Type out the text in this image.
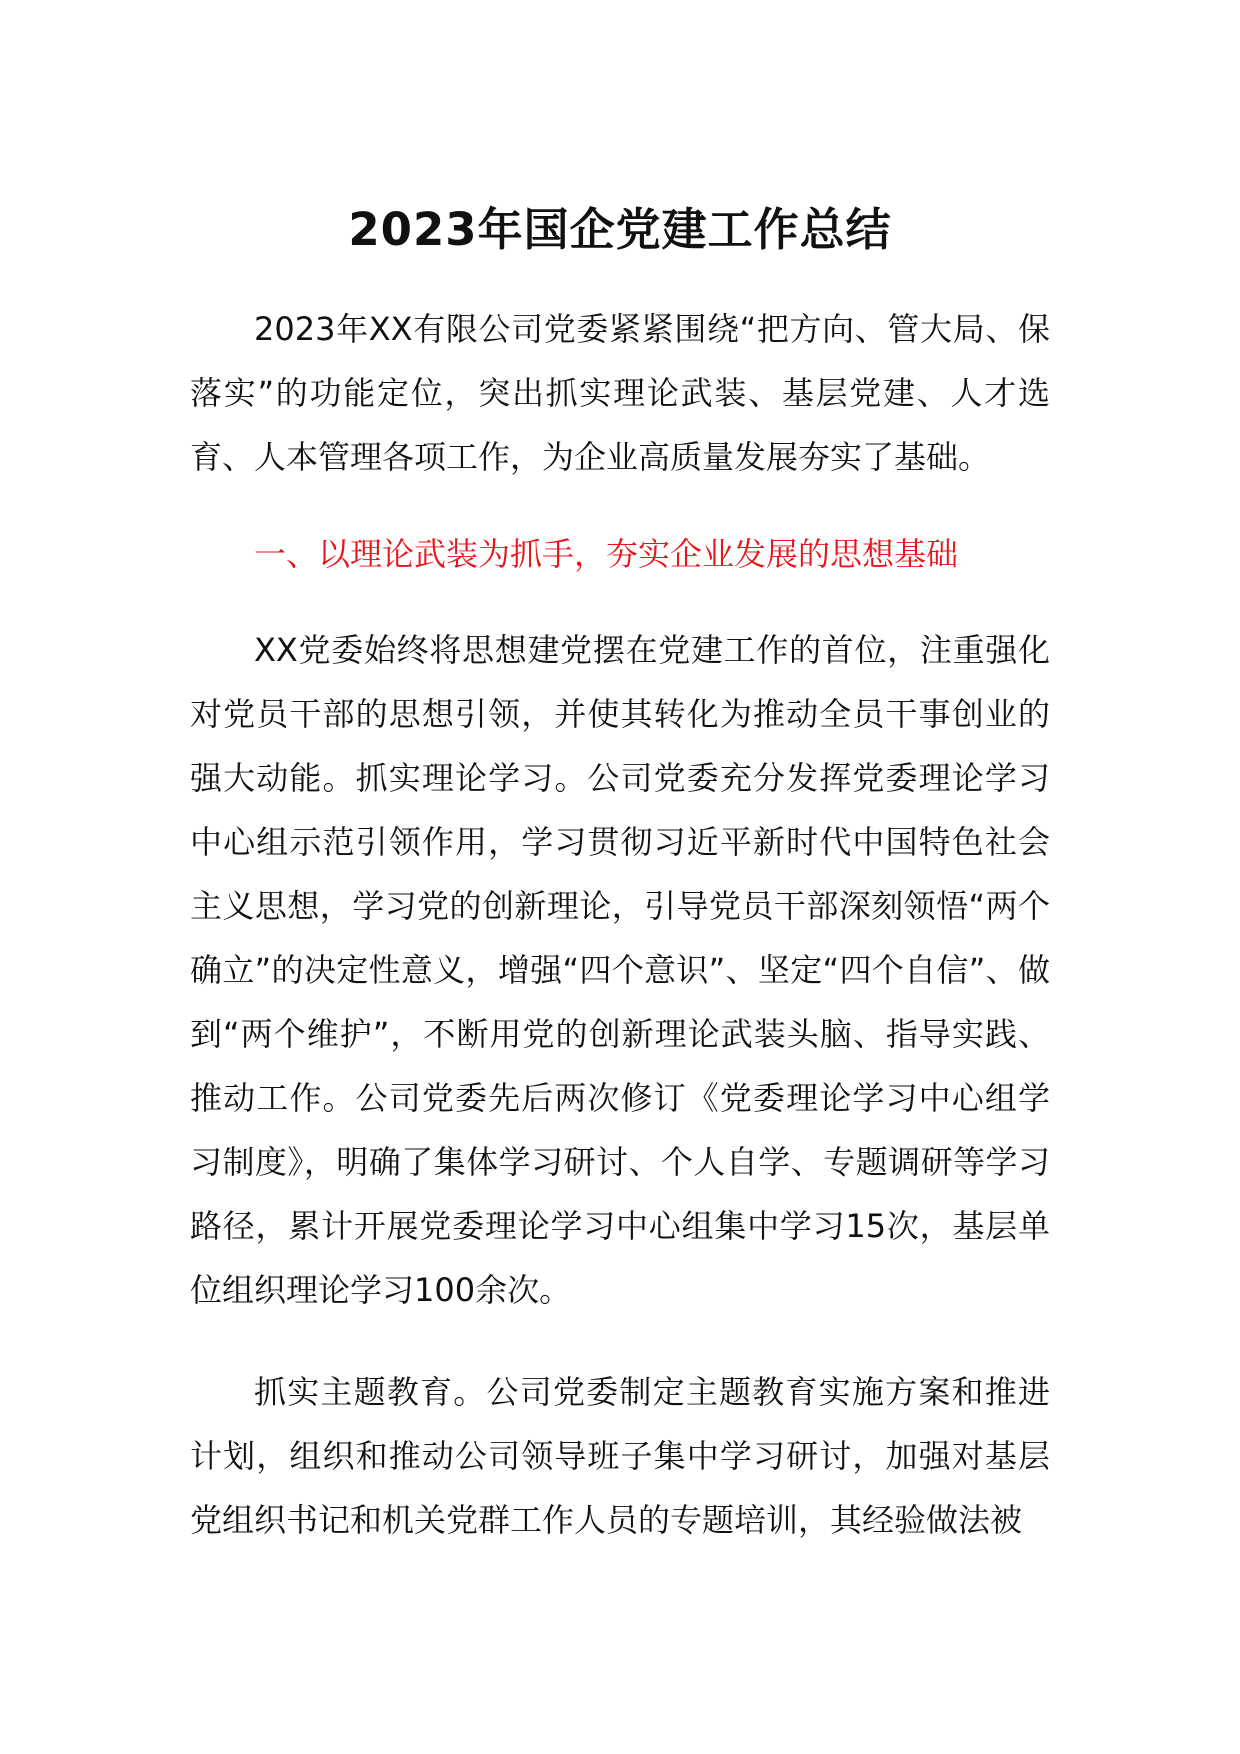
2023年国企党建工作总结

2023年XX有限公司党委紧紧围绕“把方向、管大局、保落实”的功能定位，突出抓实理论武装、基层党建、人才选育、人本管理各项工作，为企业高质量发展夯实了基础。

一、以理论武装为抓手，夯实企业发展的思想基础

XX党委始终将思想建党摆在党建工作的首位，注重强化对党员干部的思想引领，并使其转化为推动全员干事创业的强大动能。抓实理论学习。公司党委充分发挥党委理论学习中心组示范引领作用，学习贯彻习近平新时代中国特色社会主义思想，学习党的创新理论，引导党员干部深刻领悟“两个确立”的决定性意义，增强“四个意识”、坚定“四个自信”、做到“两个维护”，不断用党的创新理论武装头脑、指导实践、推动工作。公司党委先后两次修订《党委理论学习中心组学习制度》，明确了集体学习研讨、个人自学、专题调研等学习路径，累计开展党委理论学习中心组集中学习15次，基层单位组织理论学习100余次。

抓实主题教育。公司党委制定主题教育实施方案和推进计划，组织和推动公司领导班子集中学习研讨，加强对基层党组织书记和机关党群工作人员的专题培训，其经验做法被
